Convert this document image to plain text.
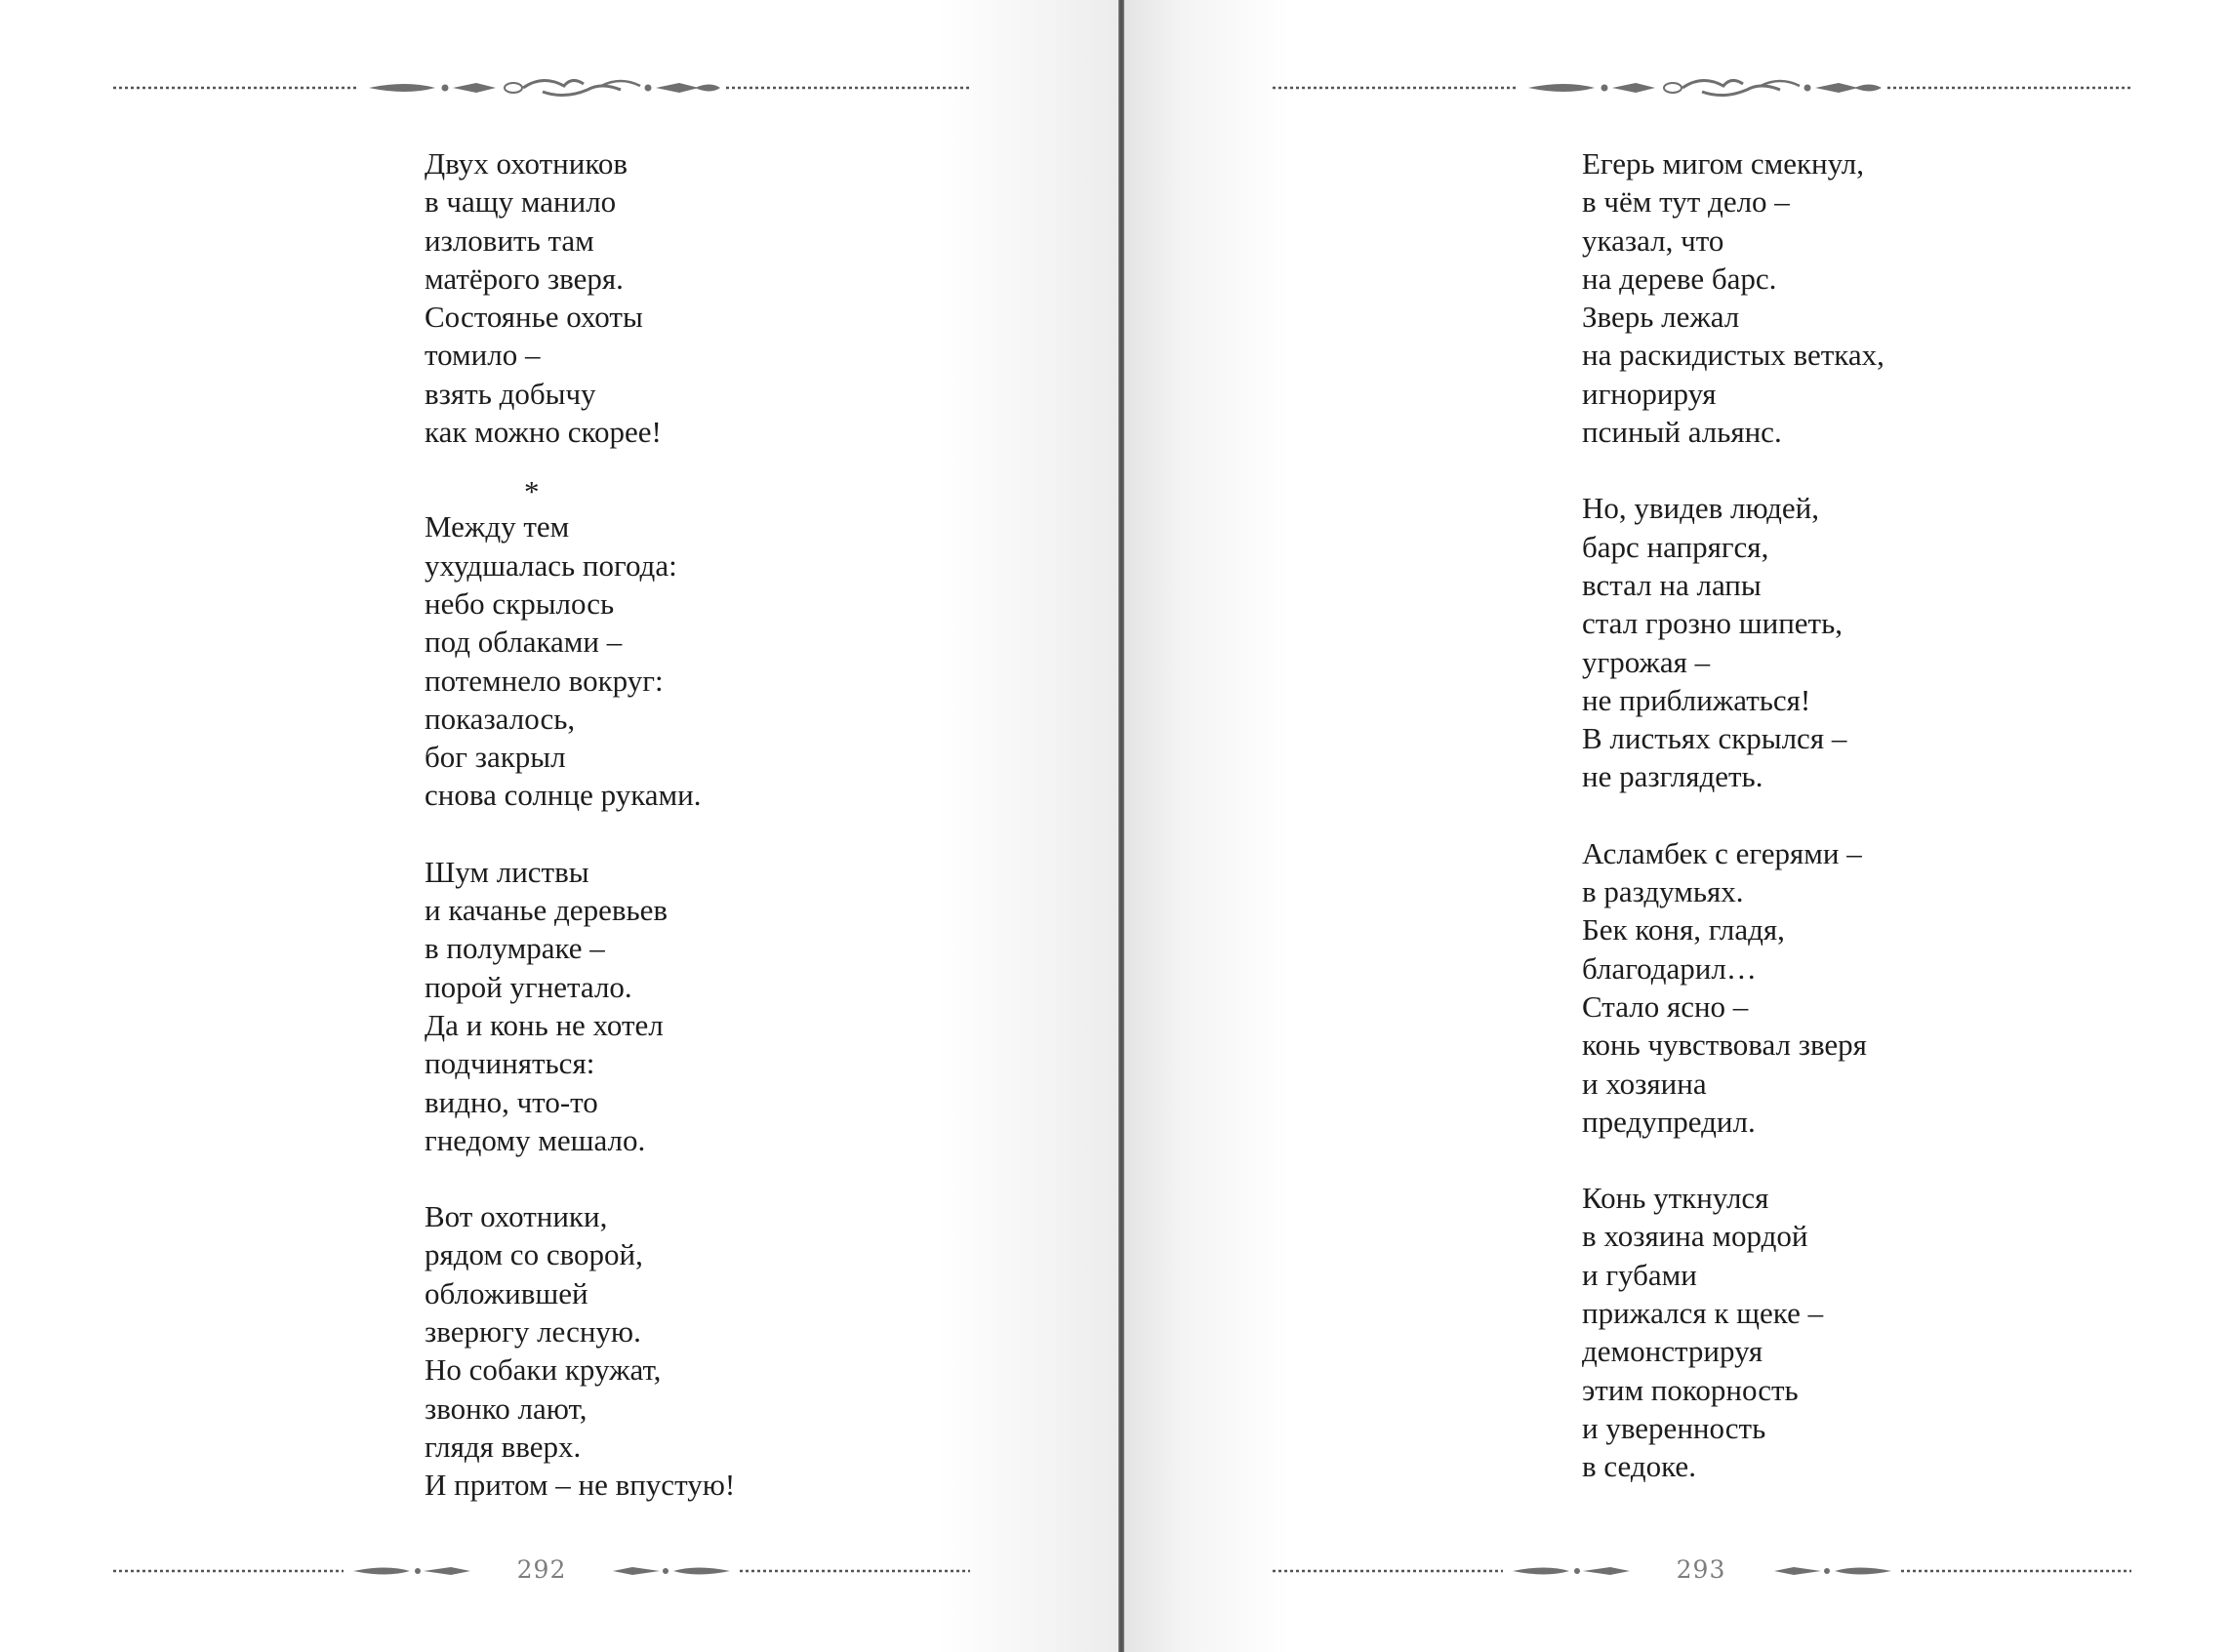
Двух охотников
в чащу манило
изловить там
матёрого зверя.
Состоянье охоты
томило –
взять добычу
как можно скорее!

*

Между тем
ухудшалась погода:
небо скрылось
под облаками –
потемнело вокруг:
показалось,
бог закрыл
снова солнце руками.

Шум листвы
и качанье деревьев
в полумраке –
порой угнетало.
Да и конь не хотел
подчиняться:
видно, что-то
гнедому мешало.

Вот охотники,
рядом со сворой,
обложившей
зверюгу лесную.
Но собаки кружат,
звонко лают,
глядя вверх.
И притом – не впустую!

292

Егерь мигом смекнул,
в чём тут дело –
указал, что
на дереве барс.
Зверь лежал
на раскидистых ветках,
игнорируя
псиный альянс.

Но, увидев людей,
барс напрягся,
встал на лапы
стал грозно шипеть,
угрожая –
не приближаться!
В листьях скрылся –
не разглядеть.

Асламбек с егерями –
в раздумьях.
Бек коня, гладя,
благодарил…
Стало ясно –
конь чувствовал зверя
и хозяина
предупредил.

Конь уткнулся
в хозяина мордой
и губами
прижался к щеке –
демонстрируя
этим покорность
и уверенность
в седоке.

293
